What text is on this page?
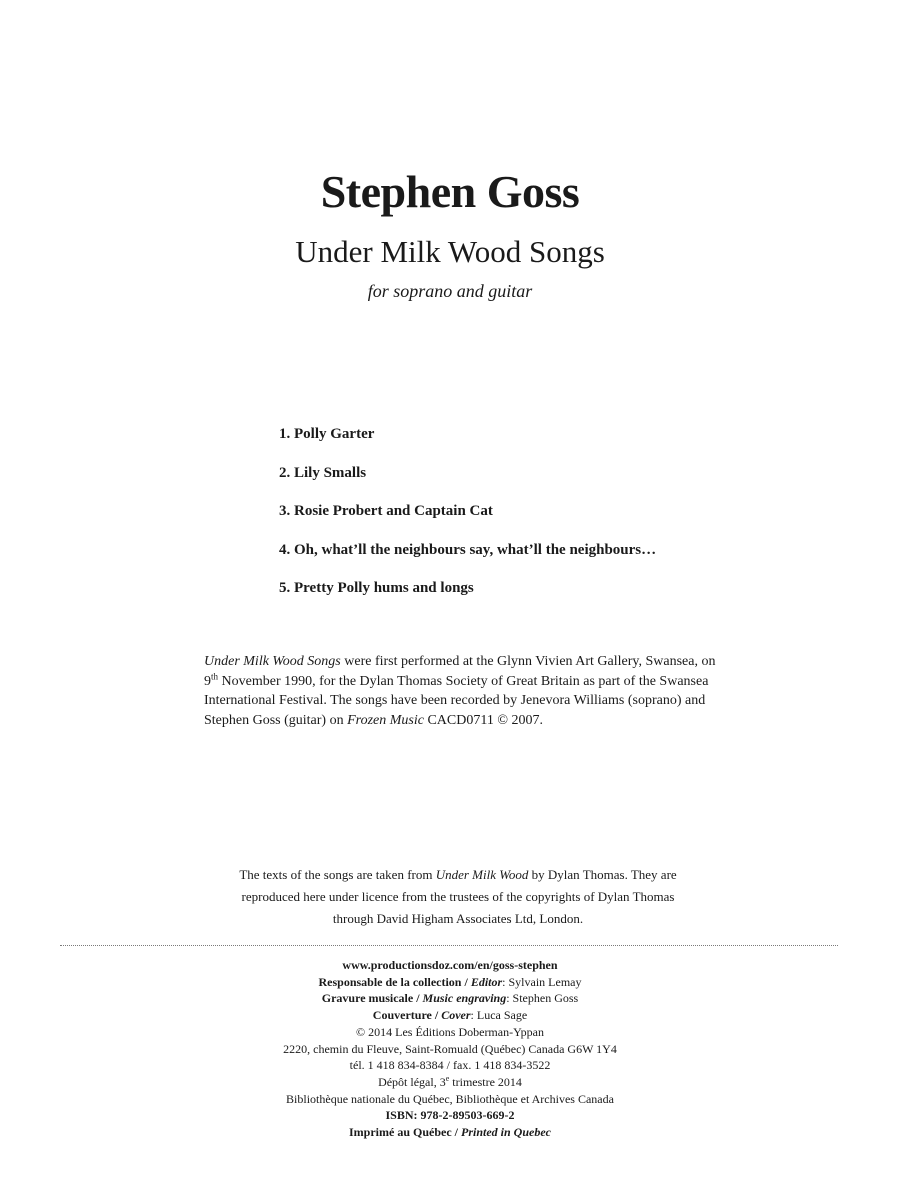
Stephen Goss
Under Milk Wood Songs
for soprano and guitar
1. Polly Garter
2. Lily Smalls
3. Rosie Probert and Captain Cat
4. Oh, what’ll the neighbours say, what’ll the neighbours…
5. Pretty Polly hums and longs
Under Milk Wood Songs were first performed at the Glynn Vivien Art Gallery, Swansea, on 9th November 1990, for the Dylan Thomas Society of Great Britain as part of the Swansea International Festival. The songs have been recorded by Jenevora Williams (soprano) and Stephen Goss (guitar) on Frozen Music CACD0711 © 2007.
The texts of the songs are taken from Under Milk Wood by Dylan Thomas. They are
reproduced here under licence from the trustees of the copyrights of Dylan Thomas
through David Higham Associates Ltd, London.
www.productionsdoz.com/en/goss-stephen
Responsable de la collection / Editor: Sylvain Lemay
Gravure musicale / Music engraving: Stephen Goss
Couverture / Cover: Luca Sage
© 2014 Les Éditions Doberman-Yppan
2220, chemin du Fleuve, Saint-Romuald (Québec) Canada G6W 1Y4
tél. 1 418 834-8384 / fax. 1 418 834-3522
Dépôt légal, 3e trimestre 2014
Bibliothèque nationale du Québec, Bibliothèque et Archives Canada
ISBN: 978-2-89503-669-2
Imprimé au Québec / Printed in Quebec
